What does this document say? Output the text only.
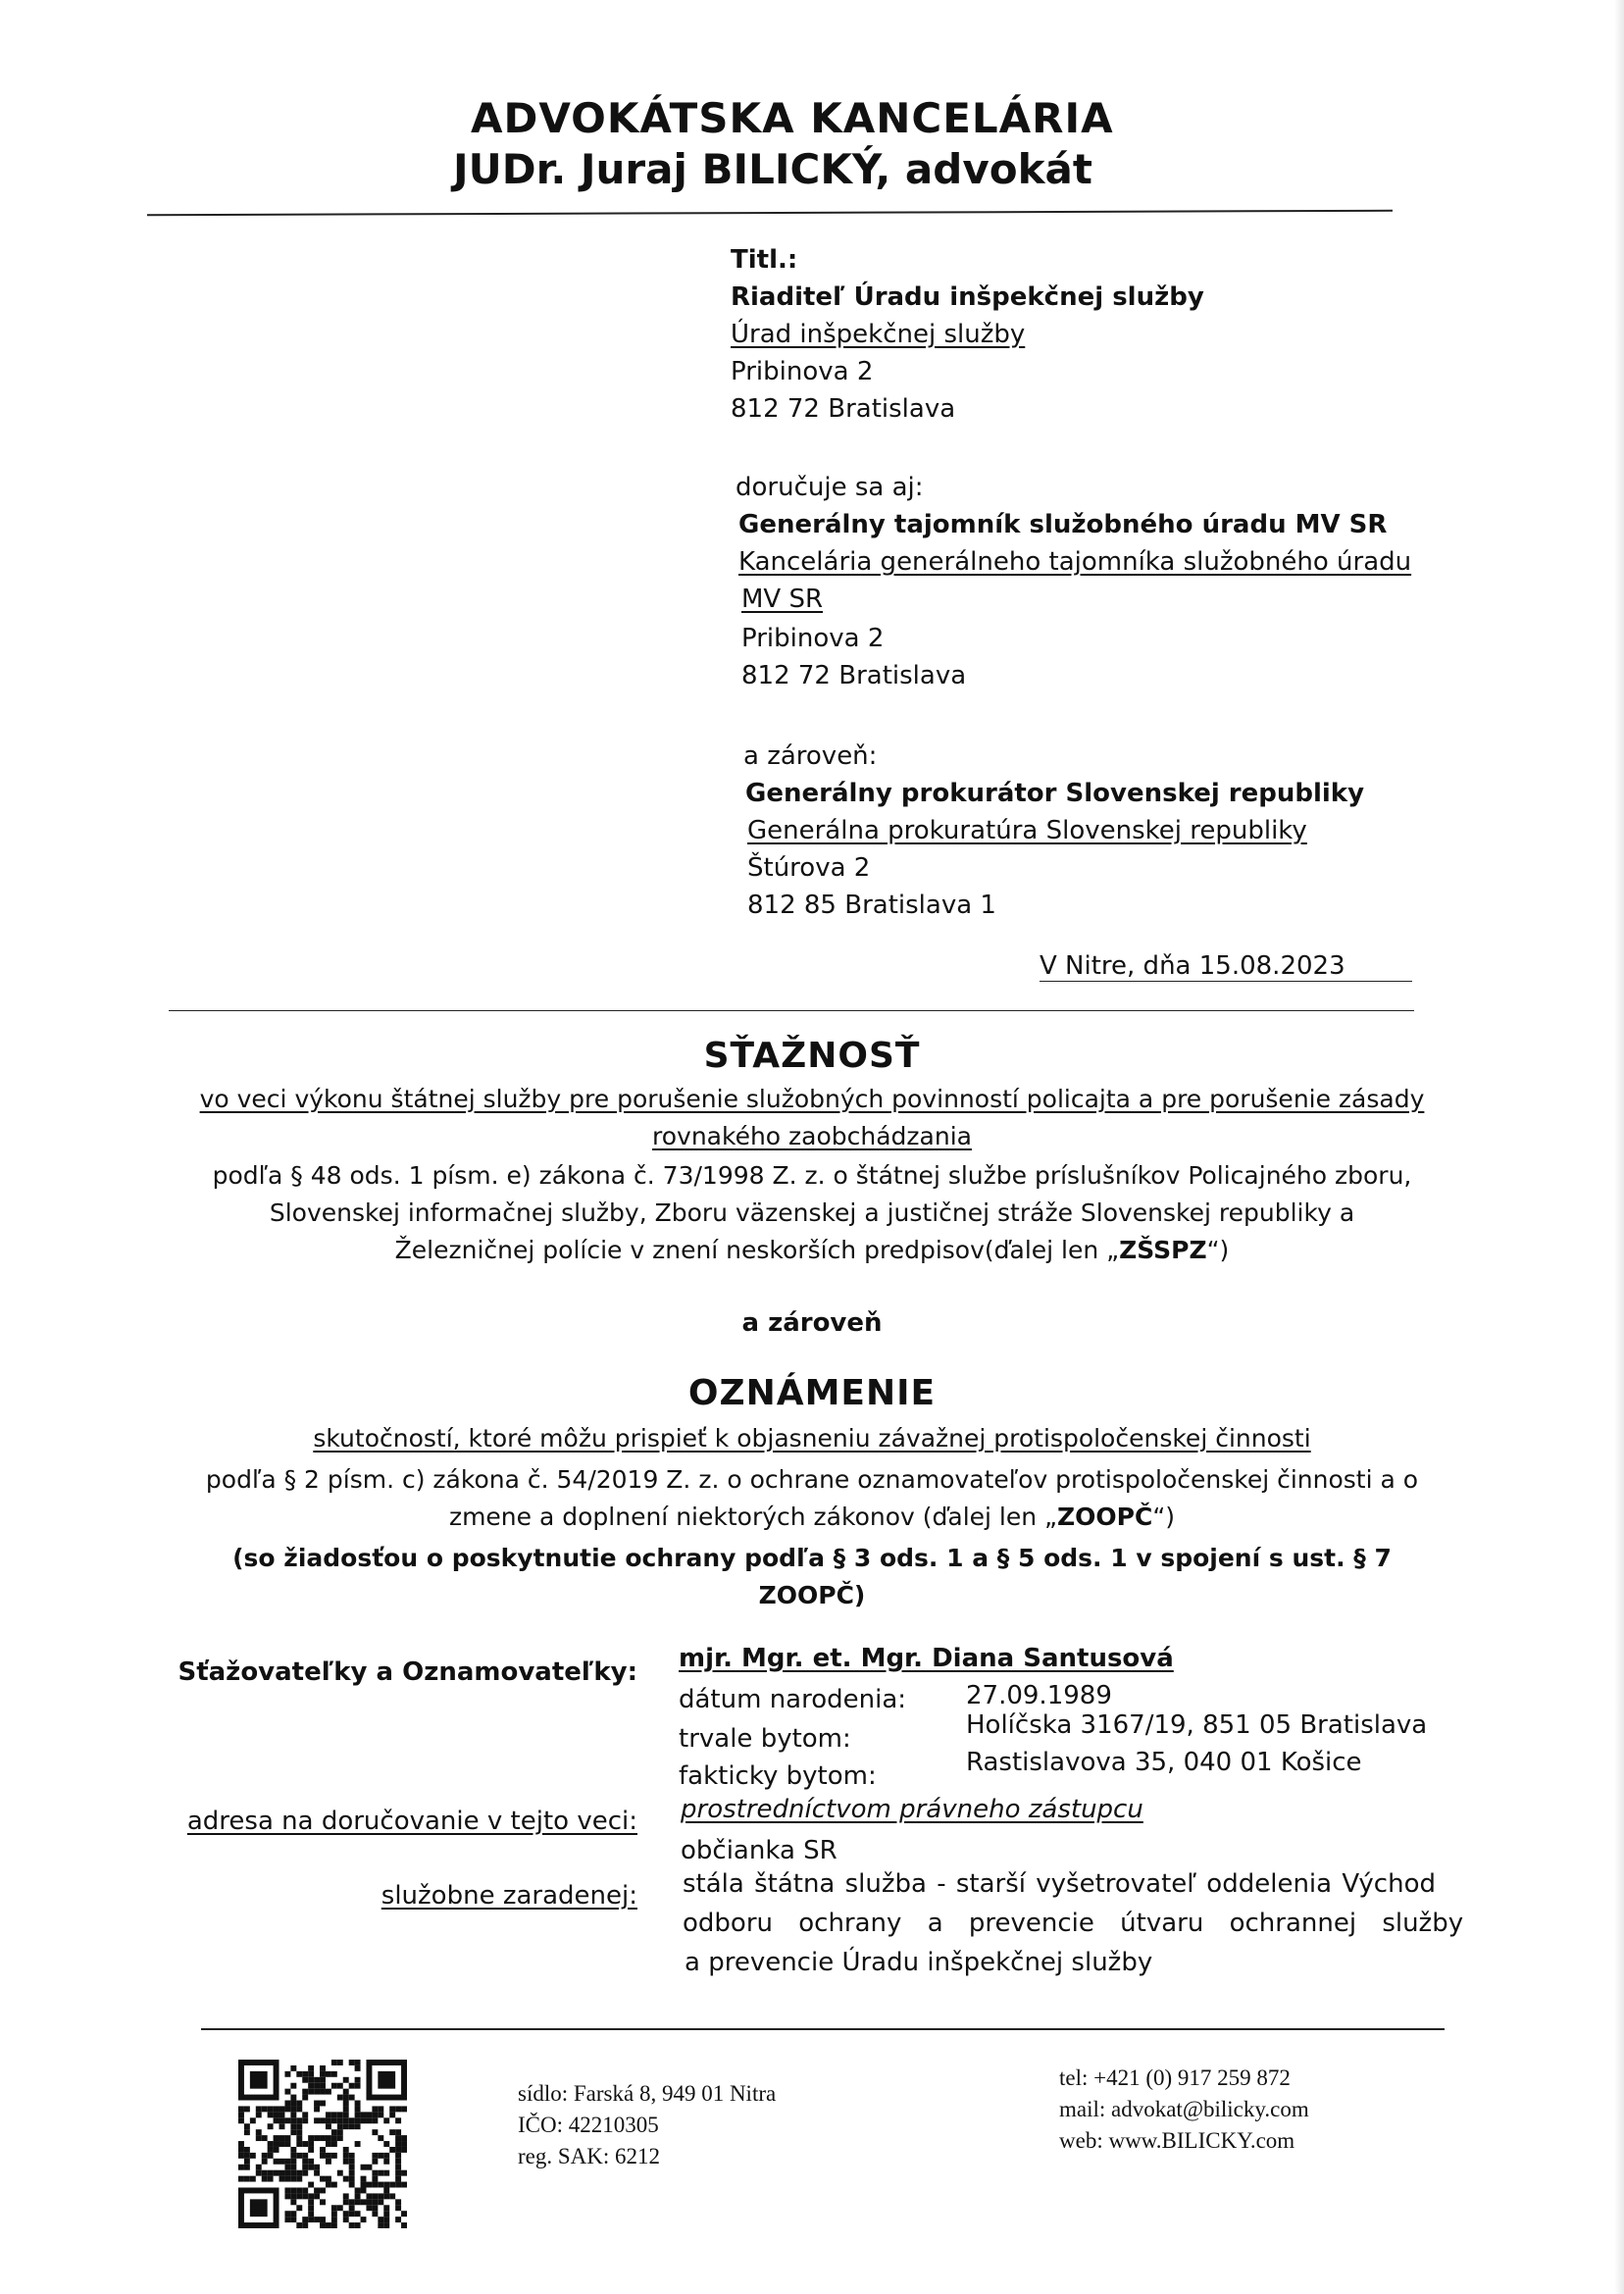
ADVOKÁTSKA KANCELÁRIA
JUDr. Juraj BILICKÝ, advokát
Titl.:
Riaditeľ Úradu inšpekčnej služby
Úrad inšpekčnej služby
Pribinova 2
812 72 Bratislava
doručuje sa aj:
Generálny tajomník služobného úradu MV SR
Kancelária generálneho tajomníka služobného úradu
MV SR
Pribinova 2
812 72 Bratislava
a zároveň:
Generálny prokurátor Slovenskej republiky
Generálna prokuratúra Slovenskej republiky
Štúrova 2
812 85 Bratislava 1
V Nitre, dňa 15.08.2023
SŤAŽNOSŤ
vo veci výkonu štátnej služby pre porušenie služobných povinností policajta a pre porušenie zásady
rovnakého zaobchádzania
podľa § 48 ods. 1 písm. e) zákona č. 73/1998 Z. z. o štátnej službe príslušníkov Policajného zboru,
Slovenskej informačnej služby, Zboru väzenskej a justičnej stráže Slovenskej republiky a
Železničnej polície v znení neskorších predpisov(ďalej len „ZŠSPZ“)
a zároveň
OZNÁMENIE
skutočností, ktoré môžu prispieť k objasneniu závažnej protispoločenskej činnosti
podľa § 2 písm. c) zákona č. 54/2019 Z. z. o ochrane oznamovateľov protispoločenskej činnosti a o
zmene a doplnení niektorých zákonov (ďalej len „ZOOPČ“)
(so žiadosťou o poskytnutie ochrany podľa § 3 ods. 1 a § 5 ods. 1 v spojení s ust. § 7
ZOOPČ)
Sťažovateľky a Oznamovateľky: mjr. Mgr. et. Mgr. Diana Santusová
dátum narodenia: 27.09.1989
trvale bytom:	Holíčska 3167/19, 851 05 Bratislava
fakticky bytom:	Rastislavova 35, 040 01 Košice
adresa na doručovanie v tejto veci: prostredníctvom právneho zástupcu
občianka SR
služobne zaradenej: stála štátna služba - starší vyšetrovateľ oddelenia Východ
odboru ochrany a prevencie útvaru ochrannej služby
a prevencie Úradu inšpekčnej služby
sídlo: Farská 8, 949 01 Nitra
IČO: 42210305
reg. SAK: 6212
tel: +421 (0) 917 259 872
mail: advokat@bilicky.com
web: www.BILICKY.com
